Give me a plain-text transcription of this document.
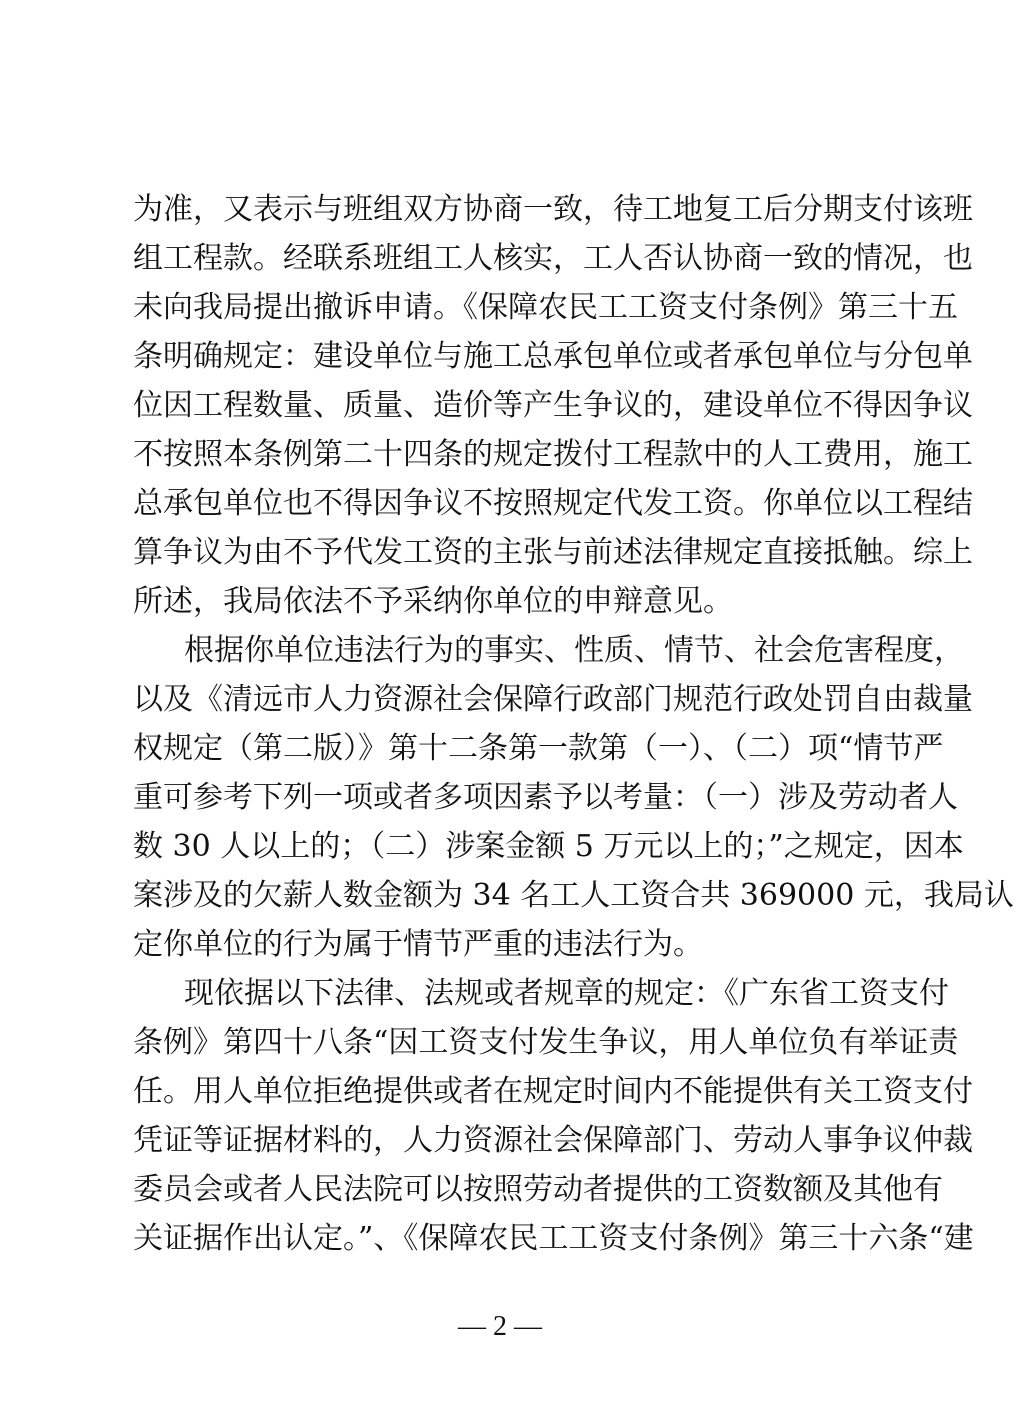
为准，又表示与班组双方协商一致，待工地复工后分期支付该班
组工程款。经联系班组工人核实，工人否认协商一致的情况，也
未向我局提出撤诉申请。《保障农民工工资支付条例》第三十五
条明确规定：建设单位与施工总承包单位或者承包单位与分包单
位因工程数量、质量、造价等产生争议的，建设单位不得因争议
不按照本条例第二十四条的规定拨付工程款中的人工费用，施工
总承包单位也不得因争议不按照规定代发工资。你单位以工程结
算争议为由不予代发工资的主张与前述法律规定直接抵触。综上
所述，我局依法不予采纳你单位的申辩意见。
根据你单位违法行为的事实、性质、情节、社会危害程度，
以及《清远市人力资源社会保障行政部门规范行政处罚自由裁量
权规定（第二版）》第十二条第一款第（一）、（二）项“情节严
重可参考下列一项或者多项因素予以考量：（一）涉及劳动者人
数 30 人以上的；（二）涉案金额 5 万元以上的；”之规定，因本
案涉及的欠薪人数金额为 34 名工人工资合共 369000 元，我局认
定你单位的行为属于情节严重的违法行为。
现依据以下法律、法规或者规章的规定：《广东省工资支付
条例》第四十八条“因工资支付发生争议，用人单位负有举证责
任。用人单位拒绝提供或者在规定时间内不能提供有关工资支付
凭证等证据材料的，人力资源社会保障部门、劳动人事争议仲裁
委员会或者人民法院可以按照劳动者提供的工资数额及其他有
关证据作出认定。”、《保障农民工工资支付条例》第三十六条“建
— 2 —
